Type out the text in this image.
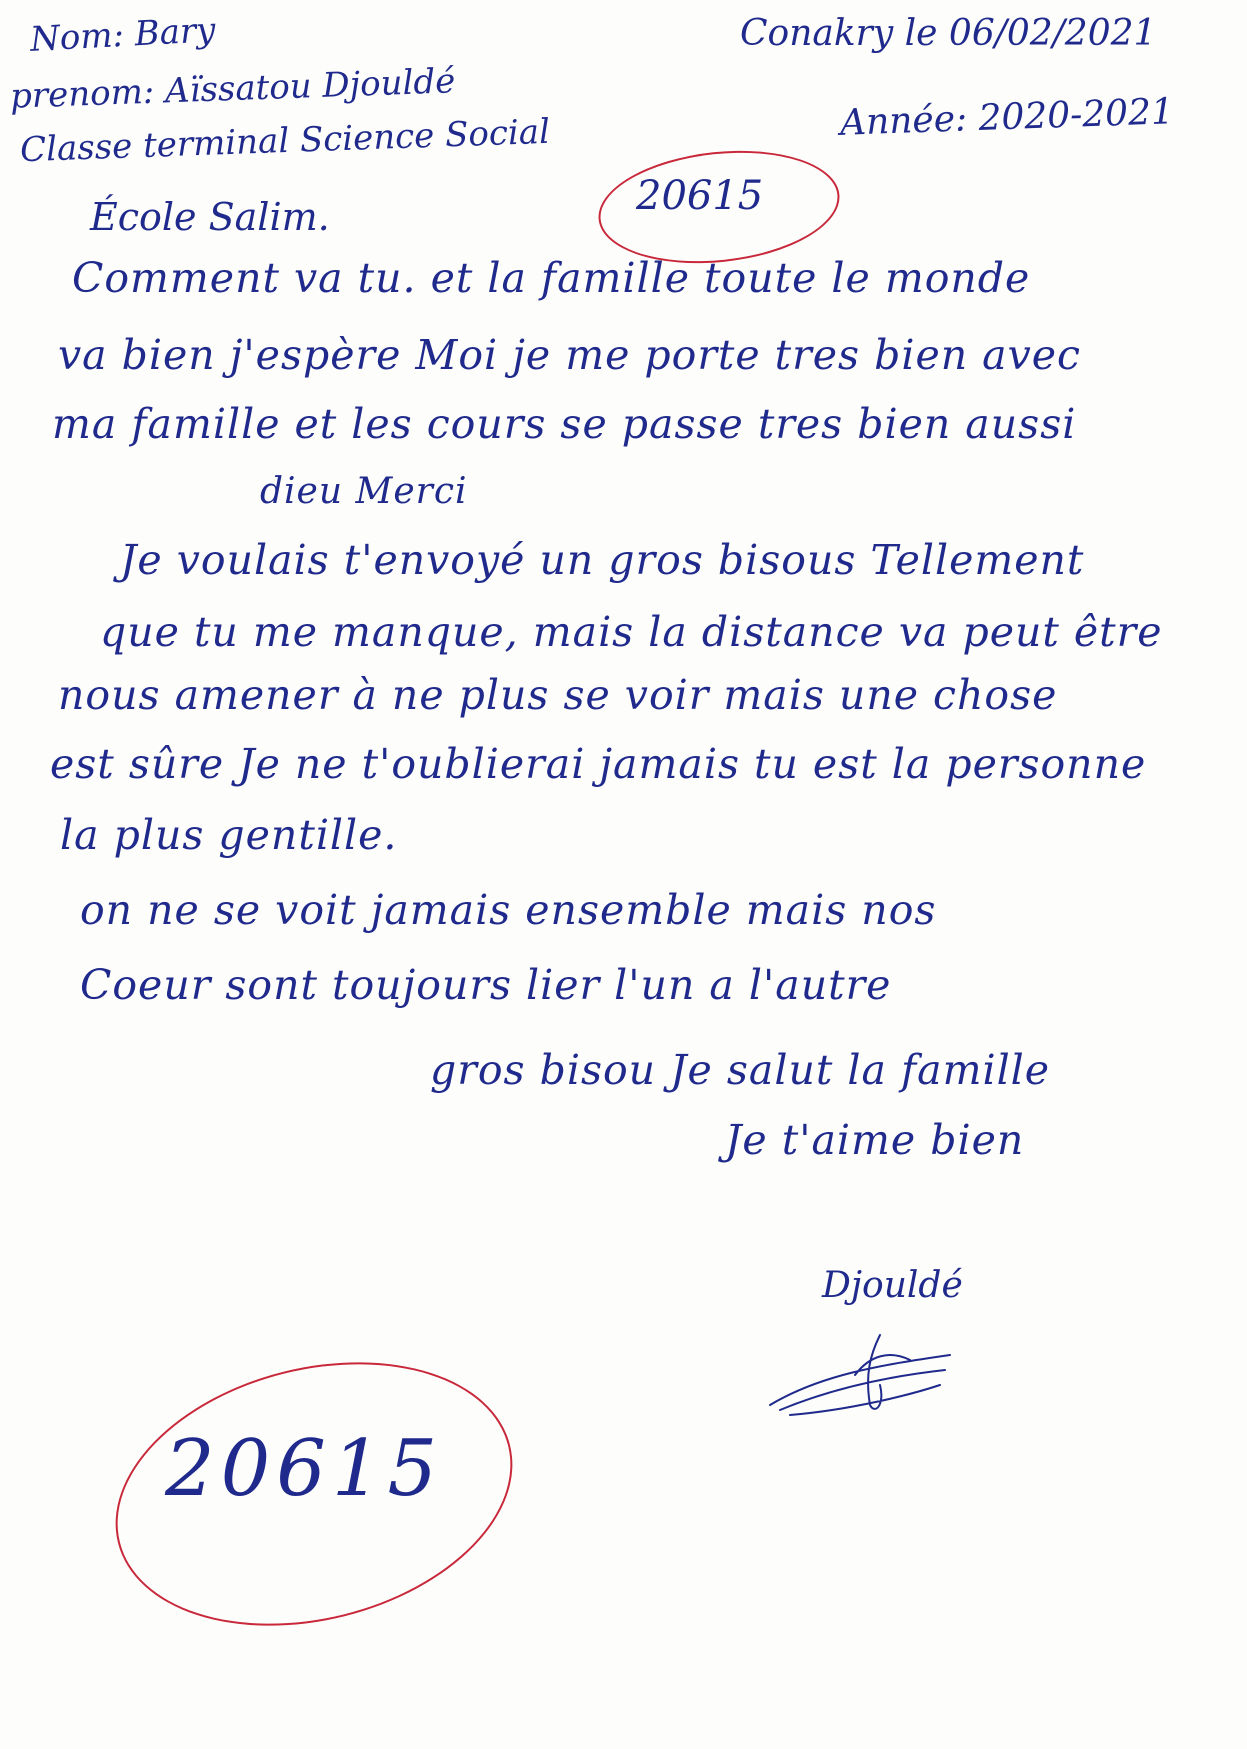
Nom: Bary
prenom: Aïssatou Djouldé
Classe terminal Science Social
École Salim.
Conakry le 06/02/2021
Année: 2020-2021
20615
Comment va tu. et la famille toute le monde
va bien j'espère Moi je me porte tres bien avec
ma famille et les cours se passe tres bien aussi
dieu Merci
Je voulais t'envoyé un gros bisous Tellement
que tu me manque, mais la distance va peut être
nous amener à ne plus se voir mais une chose
est sûre Je ne t'oublierai jamais tu est la personne
la plus gentille.
on ne se voit jamais ensemble mais nos
Coeur sont toujours lier l'un a l'autre
gros bisou Je salut la famille
Je t'aime bien
Djouldé
20615
